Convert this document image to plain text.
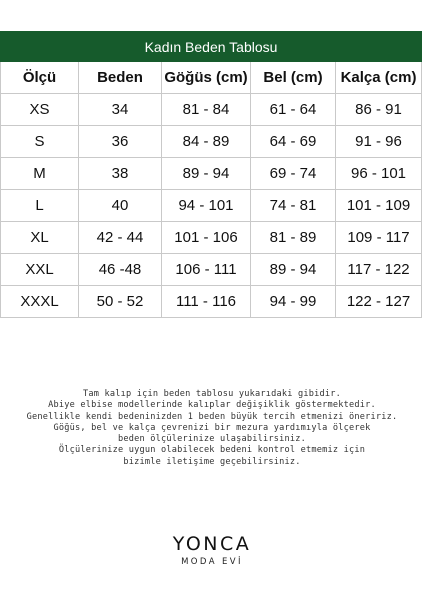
Kadın Beden Tablosu				
Ölçü	Beden	Göğüs (cm)	Bel (cm)	Kalça (cm)
XS	34	81 - 84	61 - 64	86 - 91
S	36	84 - 89	64 - 69	91 - 96
M	38	89 - 94	69 - 74	96 - 101
L	40	94 - 101	74 - 81	101 - 109
XL	42 - 44	101 - 106	81 - 89	109 - 117
XXL	46 -48	106 - 111	89 - 94	117 - 122
XXXL	50 - 52	111 - 116	94 - 99	122 - 127
Tam kalıp için beden tablosu yukarıdaki gibidir.
Abiye elbise modellerinde kalıplar değişiklik göstermektedir.
Genellikle kendi bedeninizden 1 beden büyük tercih etmenizi öneririz.
Göğüs, bel ve kalça çevrenizi bir mezura yardımıyla ölçerek
beden ölçülerinize ulaşabilirsiniz.
Ölçülerinize uygun olabilecek bedeni kontrol etmemiz için
bizimle iletişime geçebilirsiniz.
YONCA
MODA EVİ
